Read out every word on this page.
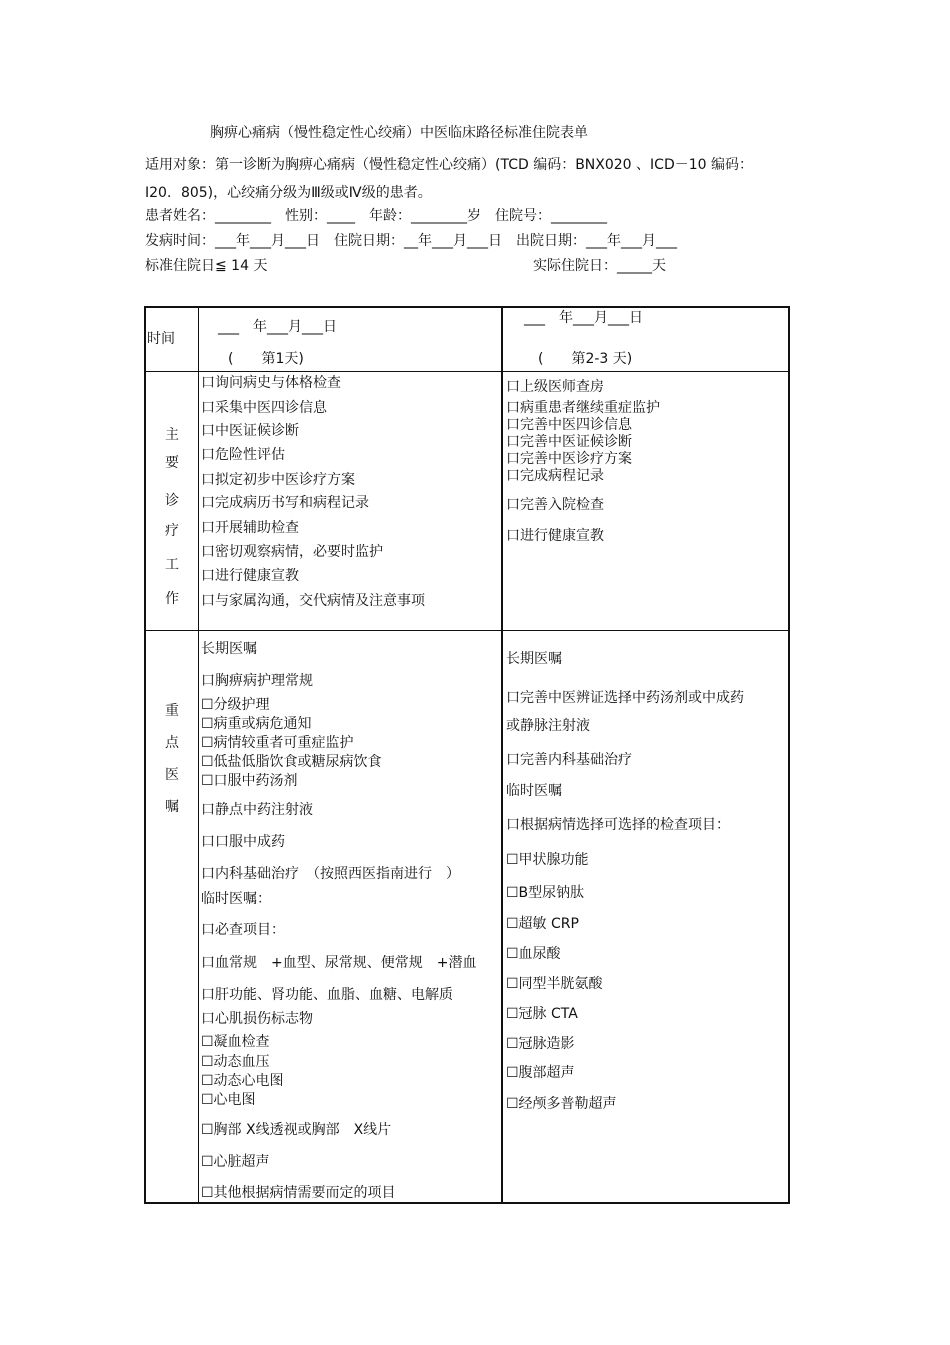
胸痹心痛病（慢性稳定性心绞痛）中医临床路径标准住院表单
适用对象：第一诊断为胸痹心痛病（慢性稳定性心绞痛）(TCD 编码：BNX020 、ICD－10 编码：
I20．805)，心绞痛分级为Ⅲ级或Ⅳ级的患者。
患者姓名：________　性别：____　年龄：________岁　住院号：________
发病时间：___年___月___日　住院日期：__年___月___日　出院日期：___年___月___
标准住院日≦ 14 天	实际住院日：_____天
时间
___　年___月___日
(　　第1天)
___　年___月___日
(　　第2-3 天)
主
要
诊
疗
工
作
口询问病史与体格检查
口采集中医四诊信息
口中医证候诊断
口危险性评估
口拟定初步中医诊疗方案
口完成病历书写和病程记录
口开展辅助检查
口密切观察病情，必要时监护
口进行健康宣教
口与家属沟通，交代病情及注意事项
口上级医师查房
口病重患者继续重症监护
口完善中医四诊信息
口完善中医证候诊断
口完善中医诊疗方案
口完成病程记录
口完善入院检查
口进行健康宣教
重
点
医
嘱
长期医嘱
口胸痹病护理常规
☐分级护理
☐病重或病危通知
☐病情较重者可重症监护
☐低盐低脂饮食或糖尿病饮食
☐口服中药汤剂
口静点中药注射液
口口服中成药
口内科基础治疗　（按照西医指南进行　）
临时医嘱：
口必查项目：
口血常规　+血型、尿常规、便常规　+潜血
口肝功能、肾功能、血脂、血糖、电解质
口心肌损伤标志物
☐凝血检查
☐动态血压
☐动态心电图
☐心电图
☐胸部 X线透视或胸部　X线片
☐心脏超声
☐其他根据病情需要而定的项目
长期医嘱
口完善中医辨证选择中药汤剂或中成药
或静脉注射液
口完善内科基础治疗
临时医嘱
口根据病情选择可选择的检查项目：
☐甲状腺功能
☐B型尿钠肽
☐超敏 CRP
☐血尿酸
☐同型半胱氨酸
☐冠脉 CTA
☐冠脉造影
☐腹部超声
☐经颅多普勒超声
